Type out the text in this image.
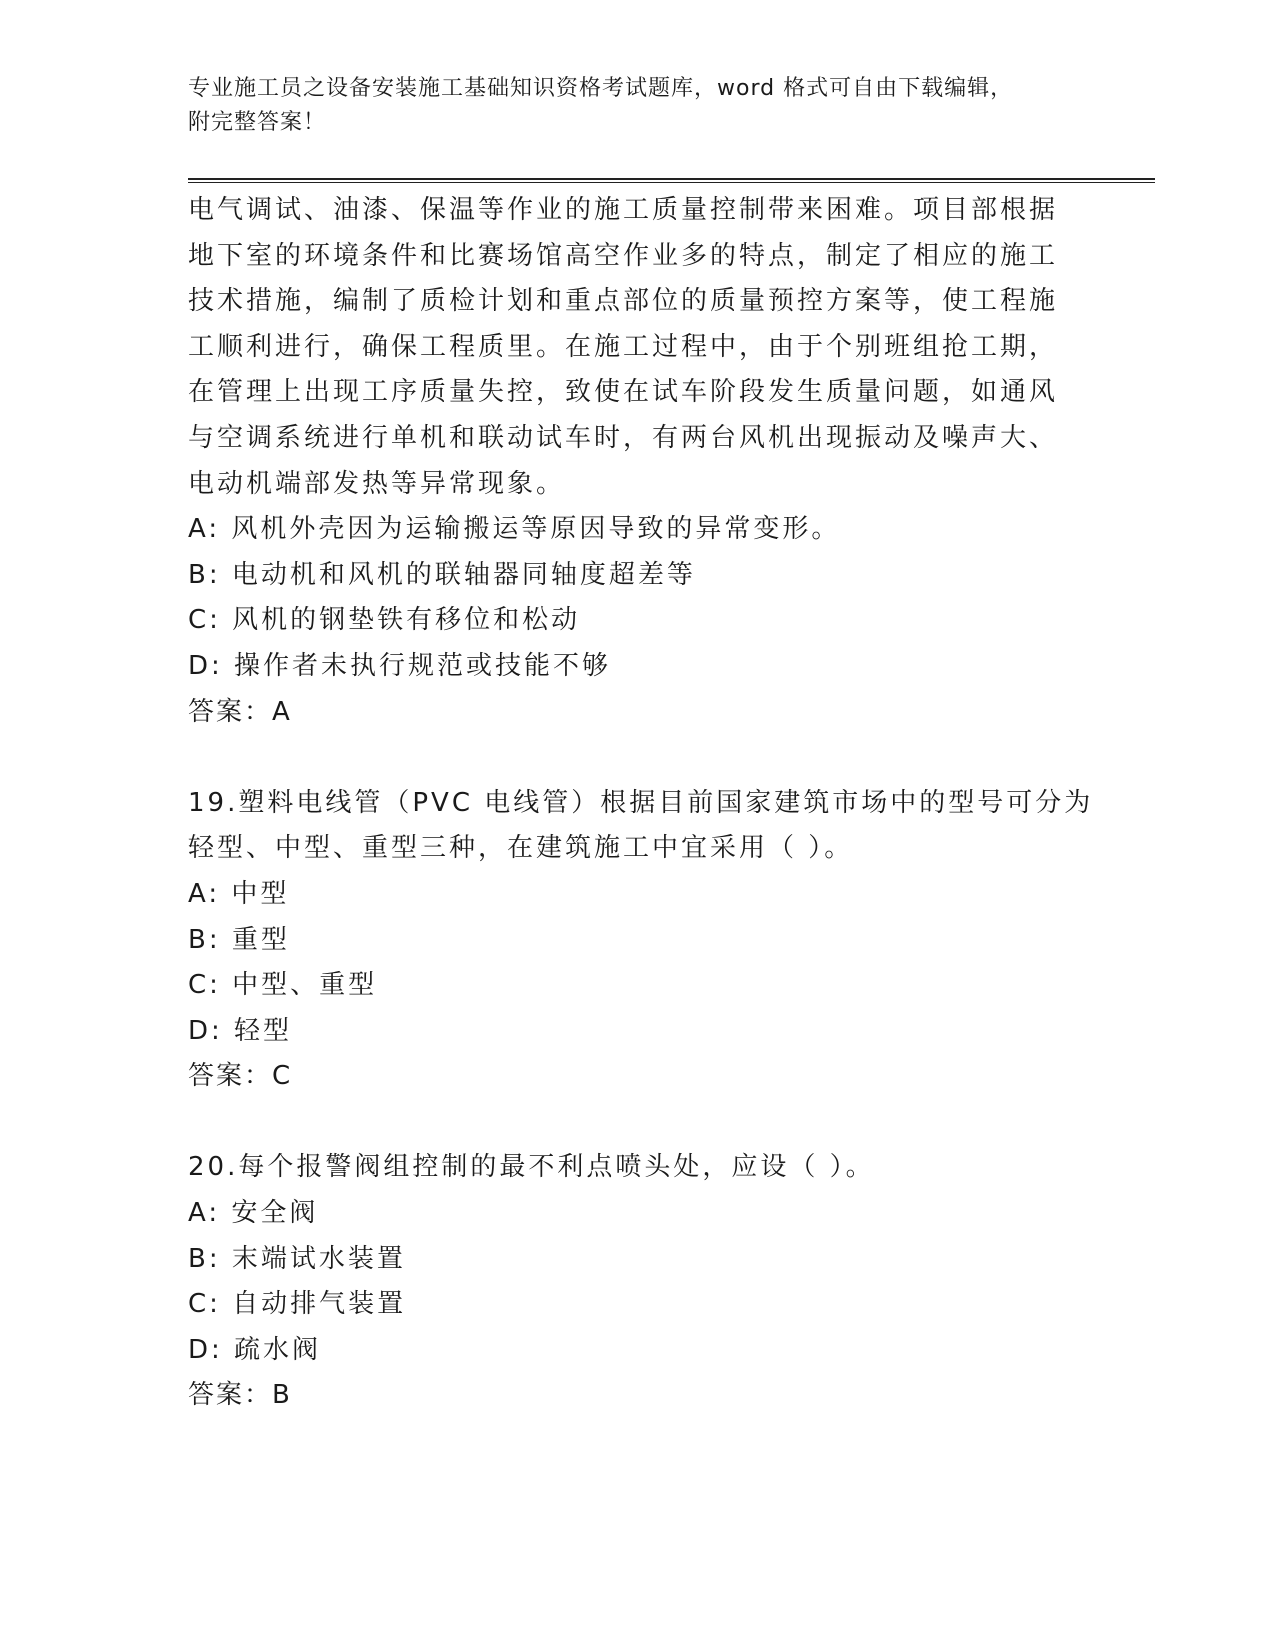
专业施工员之设备安装施工基础知识资格考试题库，word 格式可自由下载编辑，
附完整答案！
电气调试、油漆、保温等作业的施工质量控制带来困难。项目部根据
地下室的环境条件和比赛场馆高空作业多的特点，制定了相应的施工
技术措施，编制了质检计划和重点部位的质量预控方案等，使工程施
工顺利进行，确保工程质里。在施工过程中，由于个别班组抢工期，
在管理上出现工序质量失控，致使在试车阶段发生质量问题，如通风
与空调系统进行单机和联动试车时，有两台风机出现振动及噪声大、
电动机端部发热等异常现象。
A: 风机外壳因为运输搬运等原因导致的异常变形。
B: 电动机和风机的联轴器同轴度超差等
C: 风机的钢垫铁有移位和松动
D: 操作者未执行规范或技能不够
答案：A
19.塑料电线管（PVC 电线管）根据目前国家建筑市场中的型号可分为
轻型、中型、重型三种，在建筑施工中宜采用（ ）。
A: 中型
B: 重型
C: 中型、重型
D: 轻型
答案：C
20.每个报警阀组控制的最不利点喷头处，应设（ ）。
A: 安全阀
B: 末端试水装置
C: 自动排气装置
D: 疏水阀
答案：B
